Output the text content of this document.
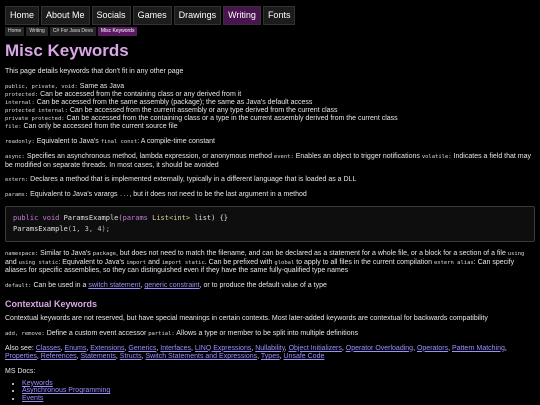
Home	About Me	Socials	Games	Drawings	Writing	Fonts
Home	Writing	C# For Java Devs	Misc Keywords
Misc Keywords

This page details keywords that don't fit in any other page

public, private, void: Same as Java
protected: Can be accessed from the containing class or any derived from it
internal: Can be accessed from the same assembly (package); the same as Java's default access
protected internal: Can be accessed from the current assembly or any type derived from the current class
private protected: Can be accessed from the containing class or a type in the current assembly derived from the current class
file: Can only be accessed from the current source file

readonly: Equivalent to Java's final const: A compile-time constant

async: Specifies an asynchronous method, lambda expression, or anonymous method event: Enables an object to trigger notifications volatile: Indicates a field that may be modified on separate threads. In most cases, it should be avoided

extern: Declares a method that is implemented externally, typically in a different language that is loaded as a DLL

params: Equivalent to Java's varargs ..., but it does not need to be the last argument in a method

public void ParamsExample(params List<int> list) {}
ParamsExample(1, 3, 4);

namespace: Similar to Java's package, but does not need to match the filename, and can be declared as a statement for a whole file, or a block for a section of a file using and using static: Equivalent to Java's import and import static. Can be prefixed with global to apply to all files in the current compilation extern alias: Can specify aliases for specific assemblies, so they can distinguished even if they have the same fully-qualified type names

default: Can be used in a switch statement, generic constraint, or to produce the default value of a type

Contextual Keywords

Contextual keywords are not reserved, but have special meanings in certain contexts. Most later-added keywords are contextual for backwards compatibility

add, remove: Define a custom event accessor partial: Allows a type or member to be split into multiple definitions

Also see: Classes, Enums, Extensions, Generics, Interfaces, LINQ Expressions, Nullability, Object Initializers, Operator Overloading, Operators, Pattern Matching, Properties, References, Statements, Structs, Switch Statements and Expressions, Types, Unsafe Code

MS Docs:
• Keywords
• Asynchronous Programming
• Events
